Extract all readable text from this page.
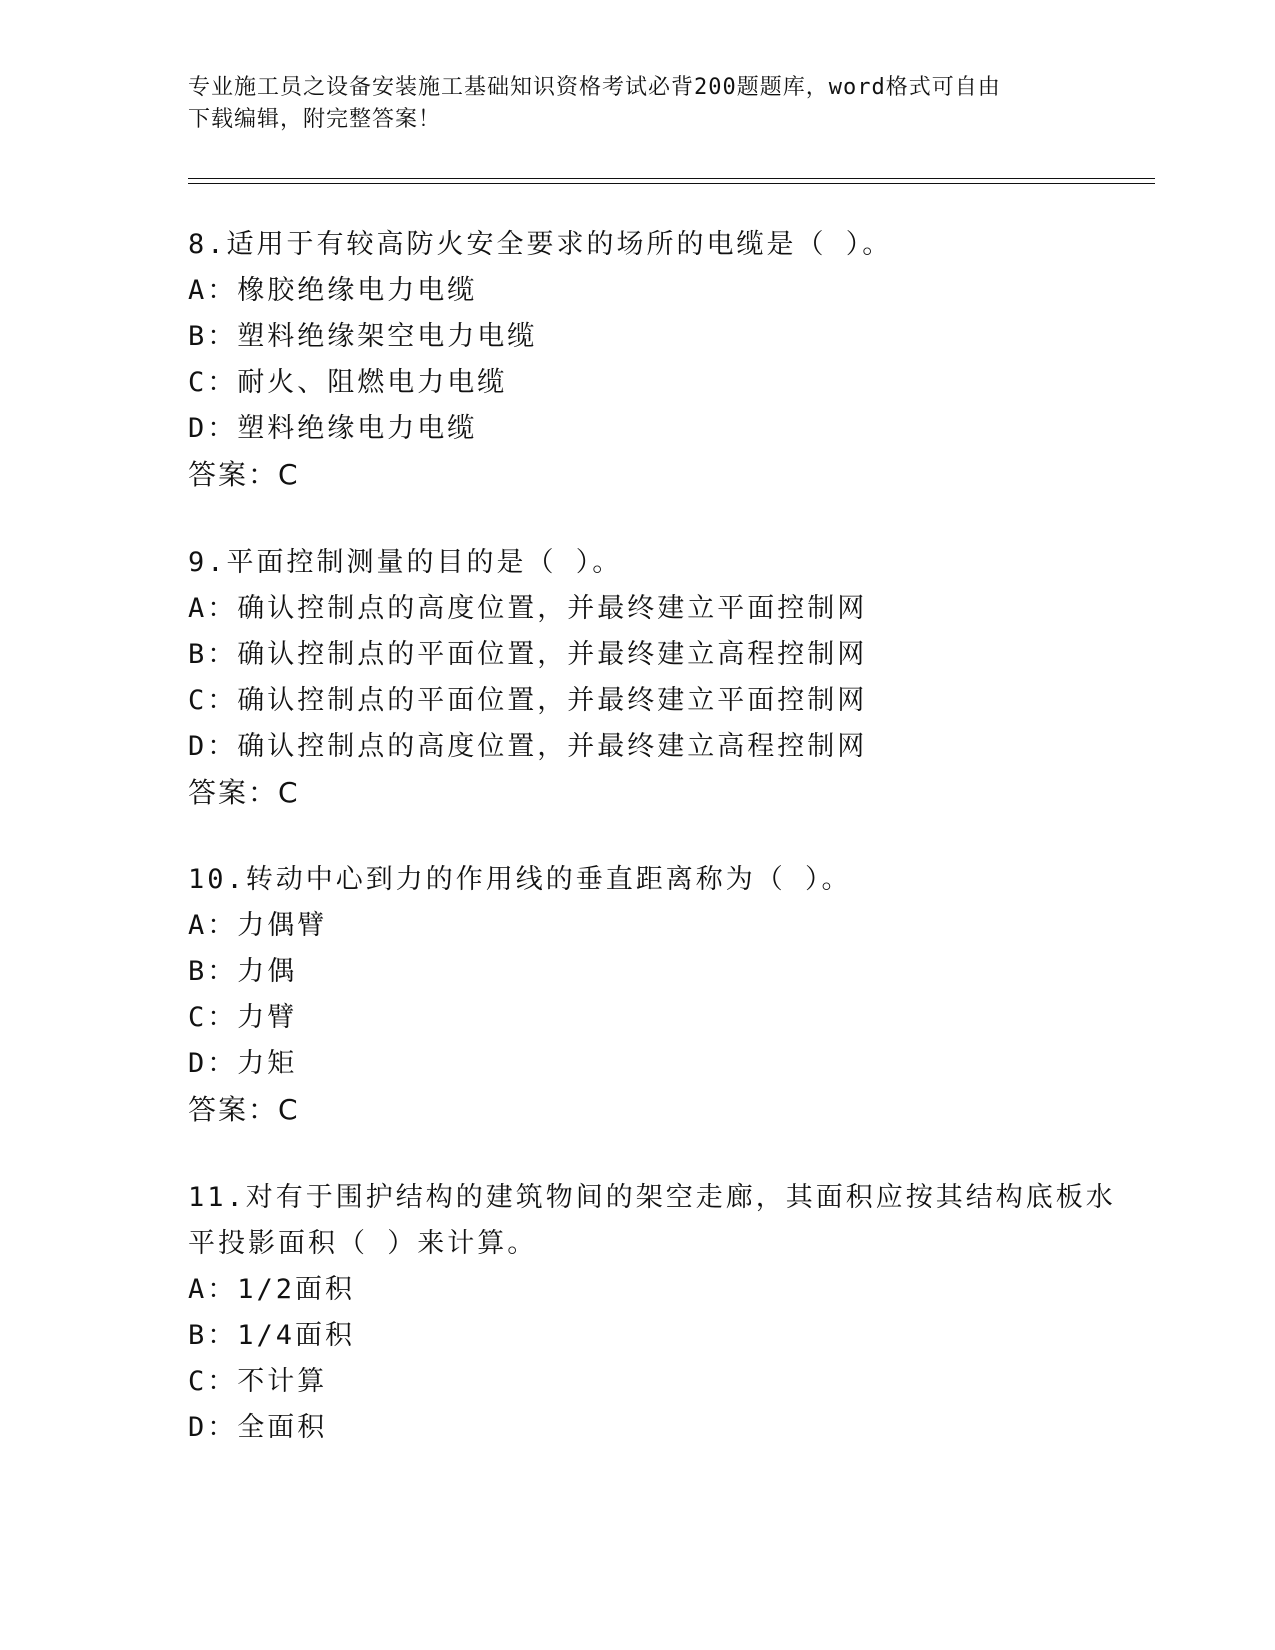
专业施工员之设备安装施工基础知识资格考试必背200题题库，word格式可自由
下载编辑，附完整答案！
8.适用于有较高防火安全要求的场所的电缆是（ ）。
A：橡胶绝缘电力电缆
B：塑料绝缘架空电力电缆
C：耐火、阻燃电力电缆
D：塑料绝缘电力电缆
答案：C
9.平面控制测量的目的是（ ）。
A：确认控制点的高度位置，并最终建立平面控制网
B：确认控制点的平面位置，并最终建立高程控制网
C：确认控制点的平面位置，并最终建立平面控制网
D：确认控制点的高度位置，并最终建立高程控制网
答案：C
10.转动中心到力的作用线的垂直距离称为（ ）。
A：力偶臂
B：力偶
C：力臂
D：力矩
答案：C
11.对有于围护结构的建筑物间的架空走廊，其面积应按其结构底板水
平投影面积（ ）来计算。
A：1/2面积
B：1/4面积
C：不计算
D：全面积
